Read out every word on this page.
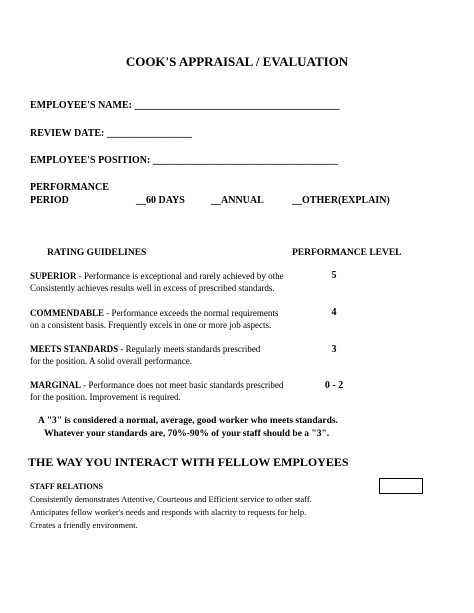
COOK'S APPRAISAL / EVALUATION
EMPLOYEE'S NAME: _________________________________________
REVIEW DATE: _________________
EMPLOYEE'S POSITION: _____________________________________
PERFORMANCE
PERIOD	__60 DAYS	__ANNUAL	__OTHER(EXPLAIN)
RATING GUIDELINES	PERFORMANCE LEVEL
SUPERIOR - Performance is exceptional and rarely achieved by othe
Consistently achieves results well in excess of prescribed standards.
5
COMMENDABLE - Performance exceeds the normal requirements
on a consistent basis. Frequently excels in one or more job aspects.
4
MEETS STANDARDS - Regularly meets standards prescribed
for the position. A solid overall performance.
3
MARGINAL - Performance does not meet basic standards prescribed
for the position. Improvement is required.
0 - 2
A "3" is considered a normal, average, good worker who meets standards.
Whatever your standards are, 70%-90% of your staff should be a "3".
THE WAY YOU INTERACT WITH FELLOW EMPLOYEES
STAFF RELATIONS
Consistently demonstrates Attentive, Courteous and Efficient service to other staff.
Anticipates fellow worker's needs and responds with alacrity to requests for help.
Creates a friendly environment.
